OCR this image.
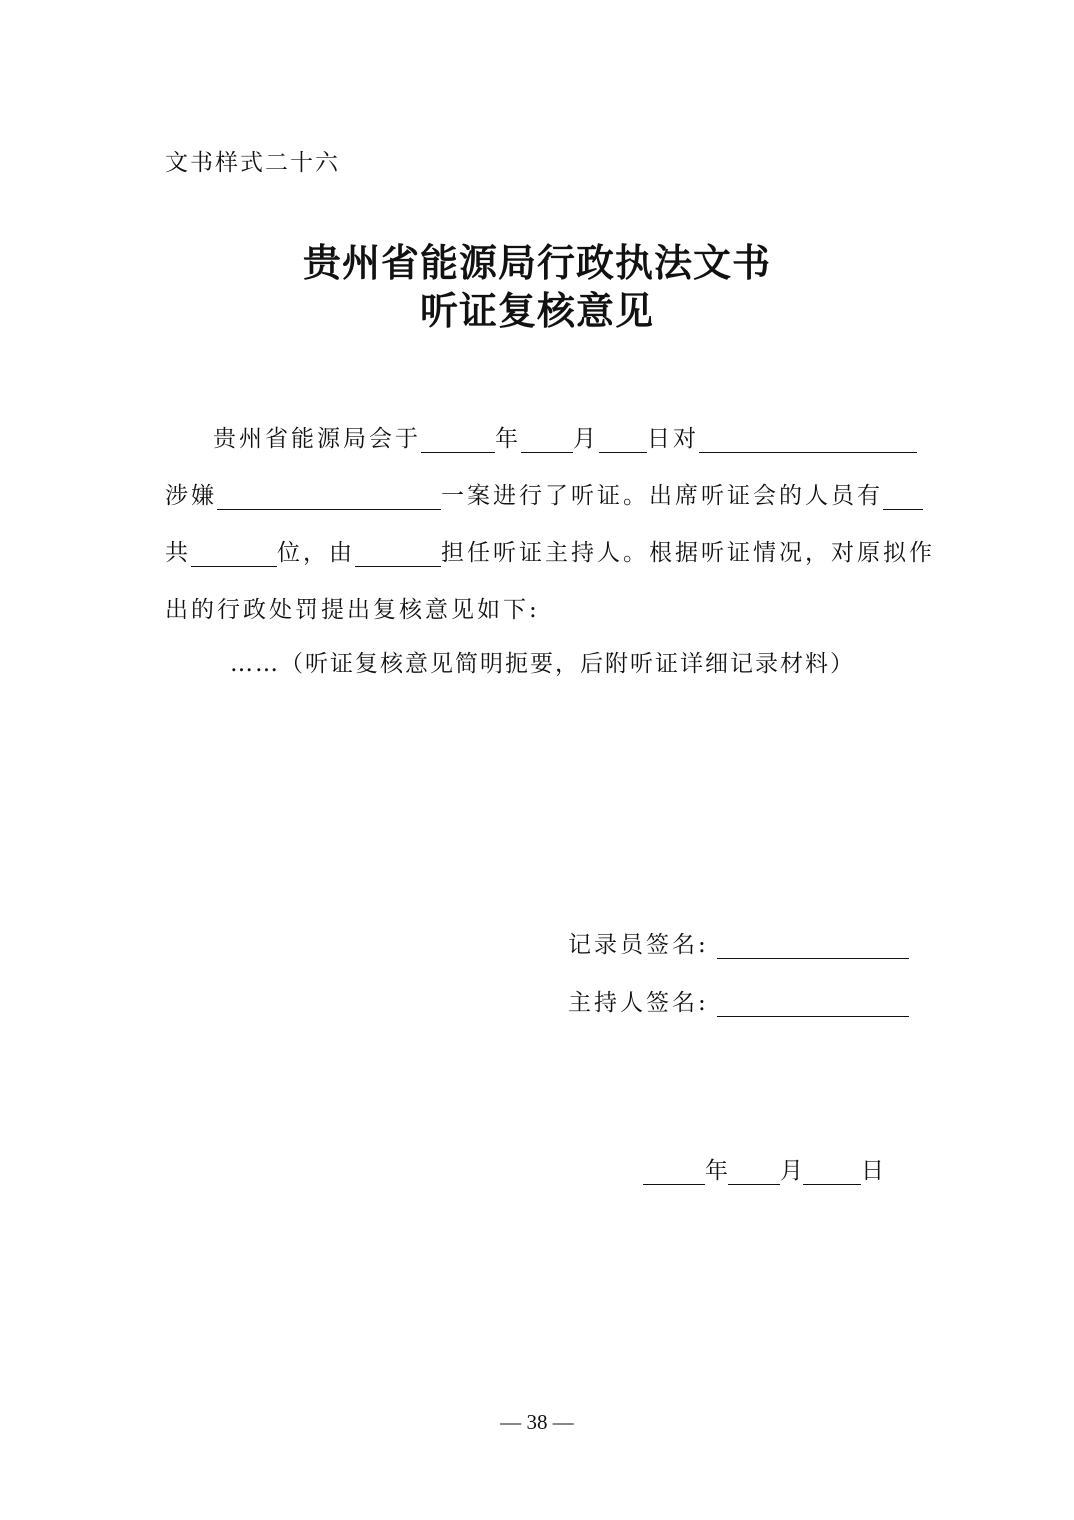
文书样式二十六
贵州省能源局行政执法文书
听证复核意见
贵州省能源局会于	年 月 日对
涉嫌	一案进行了听证。出席听证会的人员有
共	位，由	担任听证主持人。根据听证情况，对原拟作
出的行政处罚提出复核意见如下:
……（听证复核意见简明扼要，后附听证详细记录材料）
记录员签名:
主持人签名:
年 月	日
— 38 —
